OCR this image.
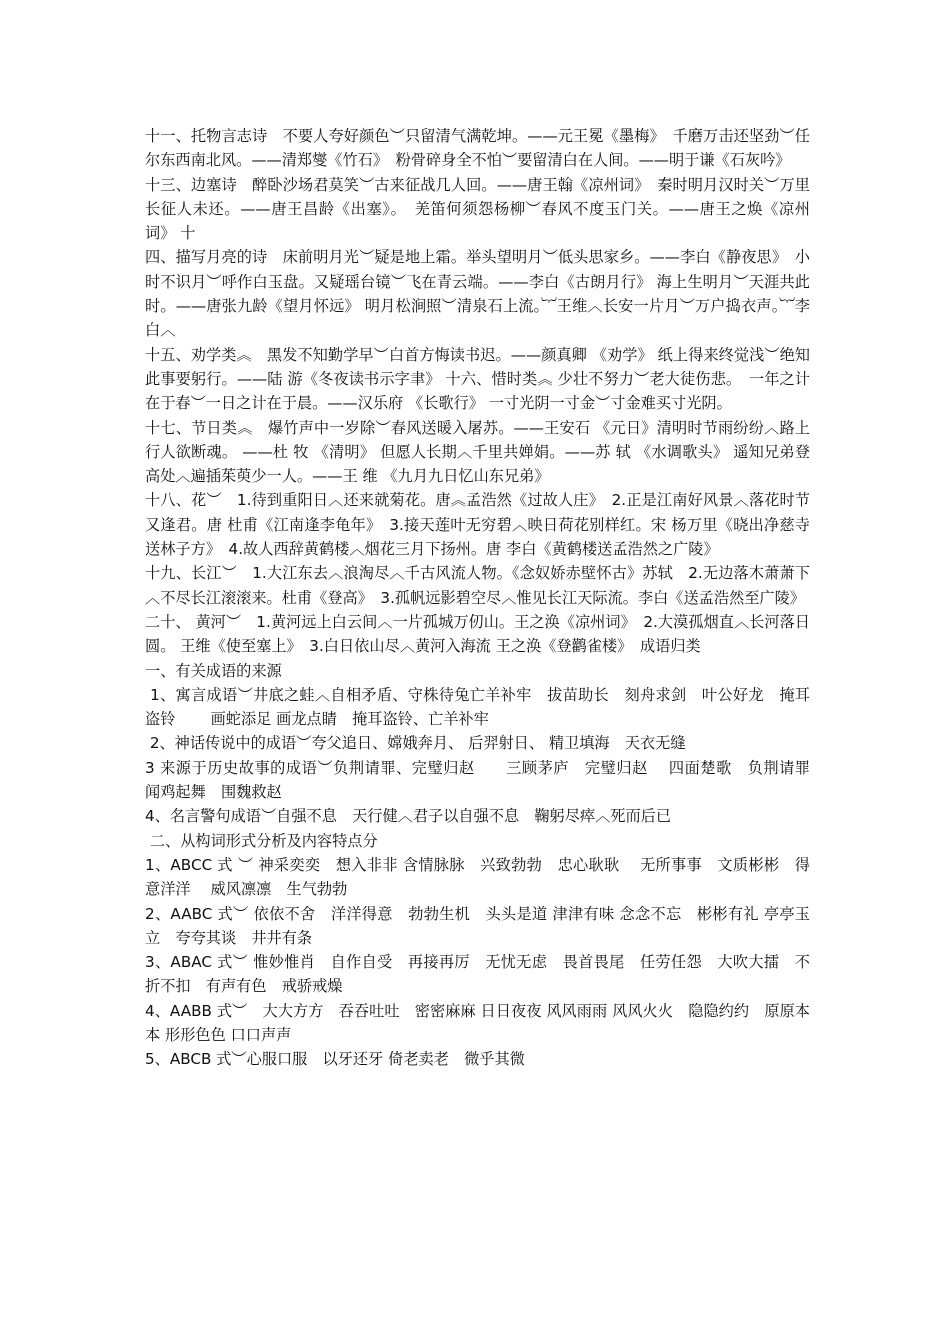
十一、托物言志诗　不要人夸好颜色︶只留清气满乾坤。——元王冕《墨梅》　千磨万击还坚劲︶任尔东西南北风。——清郑燮《竹石》　粉骨碎身全不怕︶要留清白在人间。——明于谦《石灰吟》

十三、边塞诗　醉卧沙场君莫笑︶古来征战几人回。——唐王翰《凉州词》　秦时明月汉时关︶万里长征人未还。——唐王昌龄《出塞》。　羌笛何须怨杨柳︶春风不度玉门关。——唐王之焕《凉州词》 十

四、描写月亮的诗　床前明月光︶疑是地上霜。举头望明月︶低头思家乡。——李白《静夜思》　小时不识月︶呼作白玉盘。又疑瑶台镜︶飞在青云端。——李白《古朗月行》 海上生明月︶天涯共此时。——唐张九龄《望月怀远》 明月松涧照︶清泉石上流。︸王维︿长安一片月︶万户捣衣声。︸李白︿

十五、劝学类︽　黑发不知勤学早︶白首方悔读书迟。——颜真卿 《劝学》 纸上得来终觉浅︶绝知此事要躬行。——陆 游《冬夜读书示字聿》 十六、惜时类︽ 少壮不努力︶老大徒伤悲。　一年之计在于春︶一日之计在于晨。——汉乐府 《长歌行》 一寸光阴一寸金︶寸金难买寸光阴。

十七、节日类︽　爆竹声中一岁除︶春风送暖入屠苏。——王安石 《元日》清明时节雨纷纷︿路上行人欲断魂。 ——杜 牧 《清明》 但愿人长期︿千里共婵娟。——苏 轼 《水调歌头》 遥知兄弟登高处︿遍插茱萸少一人。——王 维 《九月九日忆山东兄弟》

十八、花︶　1.待到重阳日︿还来就菊花。唐︽孟浩然《过故人庄》　2.正是江南好风景︿落花时节又逢君。唐 杜甫《江南逢李龟年》　3.接天莲叶无穷碧︿映日荷花别样红。宋 杨万里《晓出净慈寺送林子方》　4.故人西辞黄鹤楼︿烟花三月下扬州。唐 李白《黄鹤楼送孟浩然之广陵》

十九、长江︶　1.大江东去︿浪淘尽︿千古风流人物。《念奴娇赤壁怀古》苏轼　2.无边落木萧萧下︿不尽长江滚滚来。杜甫《登高》　3.孤帆远影碧空尽︿惟见长江天际流。李白《送孟浩然至广陵》

二十、 黄河︶　1.黄河远上白云间︿一片孤城万仞山。王之涣《凉州词》　2.大漠孤烟直︿长河落日圆。 王维《使至塞上》　3.白日依山尽︿黄河入海流 王之涣《登鹳雀楼》　成语归类

一、有关成语的来源

1、寓言成语︶井底之蛙︿自相矛盾、守株待兔亡羊补牢　拔苗助长　刻舟求剑　叶公好龙　掩耳盗铃　　 画蛇添足 画龙点睛　掩耳盗铃、亡羊补牢

2、神话传说中的成语︶夸父追日、嫦娥奔月、 后羿射日、 精卫填海　天衣无缝

3 来源于历史故事的成语︶负荆请罪、完璧归赵　　三顾茅庐　完璧归赵　 四面楚歌　负荆请罪　　闻鸡起舞　围魏救赵

4、名言警句成语︶自强不息　天行健︿君子以自强不息　鞠躬尽瘁︿死而后已

二、从构词形式分析及内容特点分

1、ABCC 式 ︶ 神采奕奕　想入非非 含情脉脉　兴致勃勃　忠心耿耿　 无所事事　文质彬彬　得意洋洋　 威风凛凛　生气勃勃

2、AABC 式︶ 依依不舍　洋洋得意　勃勃生机　头头是道 津津有味 念念不忘　彬彬有礼 亭亭玉立　夸夸其谈　井井有条

3、ABAC 式︶ 惟妙惟肖　自作自受　再接再厉　无忧无虑　畏首畏尾　任劳任怨　大吹大擂　不折不扣　有声有色　戒骄戒燥

4、AABB 式︶　大大方方　吞吞吐吐　密密麻麻 日日夜夜 风风雨雨 风风火火　隐隐约约　原原本本 形形色色 口口声声

5、ABCB 式︶心服口服　以牙还牙 倚老卖老　微乎其微
